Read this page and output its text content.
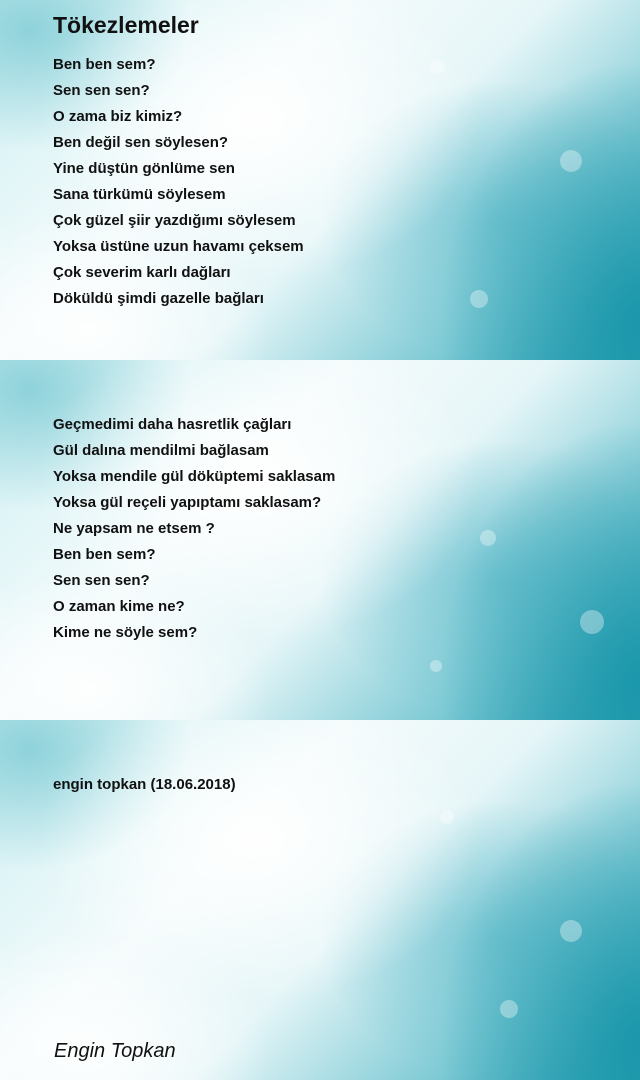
Tökezlemeler
Ben ben sem?
Sen sen sen?
O zama biz kimiz?
Ben değil sen söylesen?
Yine düştün gönlüme sen
Sana türkümü söylesem
Çok güzel şiir yazdığımı söylesem
Yoksa üstüne uzun havamı çeksem
Çok severim karlı dağları
Döküldü şimdi gazelle bağları
Geçmedimi daha hasretlik çağları
Gül dalına mendilmi bağlasam
Yoksa mendile gül döküptemi saklasam
Yoksa gül reçeli yapıptamı saklasam?
Ne yapsam ne etsem ?
Ben ben sem?
Sen sen sen?
O zaman kime ne?
Kime ne söyle sem?
engin topkan (18.06.2018)
Engin Topkan
